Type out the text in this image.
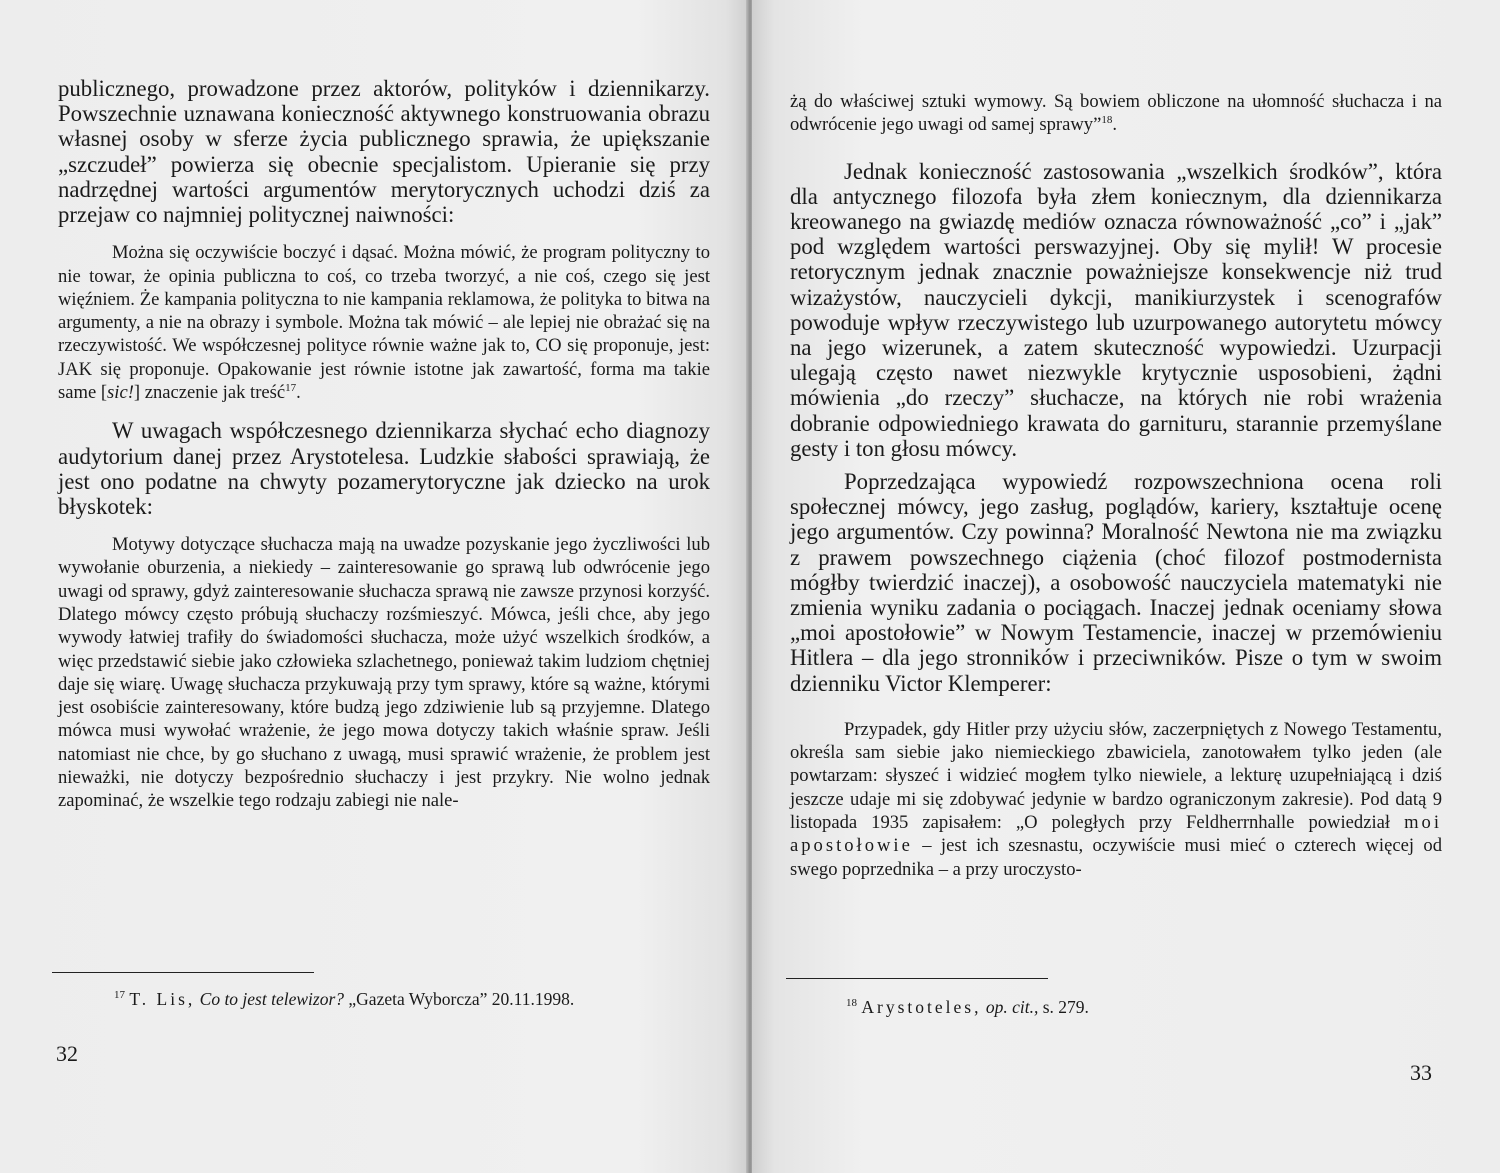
publicznego, prowadzone przez aktorów, polityków i dziennikarzy. Powszechnie uznawana konieczność aktywnego konstruowania obrazu własnej osoby w sferze życia publicznego sprawia, że upiększanie „szczudeł” powierza się obecnie specjalistom. Upieranie się przy nadrzędnej wartości argumentów merytorycznych uchodzi dziś za przejaw co najmniej politycznej naiwności:

Można się oczywiście boczyć i dąsać. Można mówić, że program polityczny to nie towar, że opinia publiczna to coś, co trzeba tworzyć, a nie coś, czego się jest więźniem. Że kampania polityczna to nie kampania reklamowa, że polityka to bitwa na argumenty, a nie na obrazy i symbole. Można tak mówić – ale lepiej nie obrażać się na rzeczywistość. We współczesnej polityce równie ważne jak to, CO się proponuje, jest: JAK się proponuje. Opakowanie jest równie istotne jak zawartość, forma ma takie same [sic!] znaczenie jak treść$^{17}$.

W uwagach współczesnego dziennikarza słychać echo diagnozy audytorium danej przez Arystotelesa. Ludzkie słabości sprawiają, że jest ono podatne na chwyty pozamerytoryczne jak dziecko na urok błyskotek:

Motywy dotyczące słuchacza mają na uwadze pozyskanie jego życzliwości lub wywołanie oburzenia, a niekiedy – zainteresowanie go sprawą lub odwrócenie jego uwagi od sprawy, gdyż zainteresowanie słuchacza sprawą nie zawsze przynosi korzyść. Dlatego mówcy często próbują słuchaczy rozśmieszyć. Mówca, jeśli chce, aby jego wywody łatwiej trafiły do świadomości słuchacza, może użyć wszelkich środków, a więc przedstawić siebie jako człowieka szlachetnego, ponieważ takim ludziom chętniej daje się wiarę. Uwagę słuchacza przykuwają przy tym sprawy, które są ważne, którymi jest osobiście zainteresowany, które budzą jego zdziwienie lub są przyjemne. Dlatego mówca musi wywołać wrażenie, że jego mowa dotyczy takich właśnie spraw. Jeśli natomiast nie chce, by go słuchano z uwagą, musi sprawić wrażenie, że problem jest nieważki, nie dotyczy bezpośrednio słuchaczy i jest przykry. Nie wolno jednak zapominać, że wszelkie tego rodzaju zabiegi nie nale-

$^{17}$ T. Lis, Co to jest telewizor? „Gazeta Wyborcza” 20.11.1998.
32

żą do właściwej sztuki wymowy. Są bowiem obliczone na ułomność słuchacza i na odwrócenie jego uwagi od samej sprawy”$^{18}$.

Jednak konieczność zastosowania „wszelkich środków”, która dla antycznego filozofa była złem koniecznym, dla dziennikarza kreowanego na gwiazdę mediów oznacza równoważność „co” i „jak” pod względem wartości perswazyjnej. Oby się mylił! W procesie retorycznym jednak znacznie poważniejsze konsekwencje niż trud wizażystów, nauczycieli dykcji, manikiurzystek i scenografów powoduje wpływ rzeczywistego lub uzurpowanego autorytetu mówcy na jego wizerunek, a zatem skuteczność wypowiedzi. Uzurpacji ulegają często nawet niezwykle krytycznie usposobieni, żądni mówienia „do rzeczy” słuchacze, na których nie robi wrażenia dobranie odpowiedniego krawata do garnituru, starannie przemyślane gesty i ton głosu mówcy.

Poprzedzająca wypowiedź rozpowszechniona ocena roli społecznej mówcy, jego zasług, poglądów, kariery, kształtuje ocenę jego argumentów. Czy powinna? Moralność Newtona nie ma związku z prawem powszechnego ciążenia (choć filozof postmodernista mógłby twierdzić inaczej), a osobowość nauczyciela matematyki nie zmienia wyniku zadania o pociągach. Inaczej jednak oceniamy słowa „moi apostołowie” w Nowym Testamencie, inaczej w przemówieniu Hitlera – dla jego stronników i przeciwników. Pisze o tym w swoim dzienniku Victor Klemperer:

Przypadek, gdy Hitler przy użyciu słów, zaczerpniętych z Nowego Testamentu, określa sam siebie jako niemieckiego zbawiciela, zanotowałem tylko jeden (ale powtarzam: słyszeć i widzieć mogłem tylko niewiele, a lekturę uzupełniającą i dziś jeszcze udaje mi się zdobywać jedynie w bardzo ograniczonym zakresie). Pod datą 9 listopada 1935 zapisałem: „O poległych przy Feldherrnhalle powiedział moi apostołowie – jest ich szesnastu, oczywiście musi mieć o czterech więcej od swego poprzednika – a przy uroczysto-

$^{18}$ Arystoteles, op. cit., s. 279.
33
